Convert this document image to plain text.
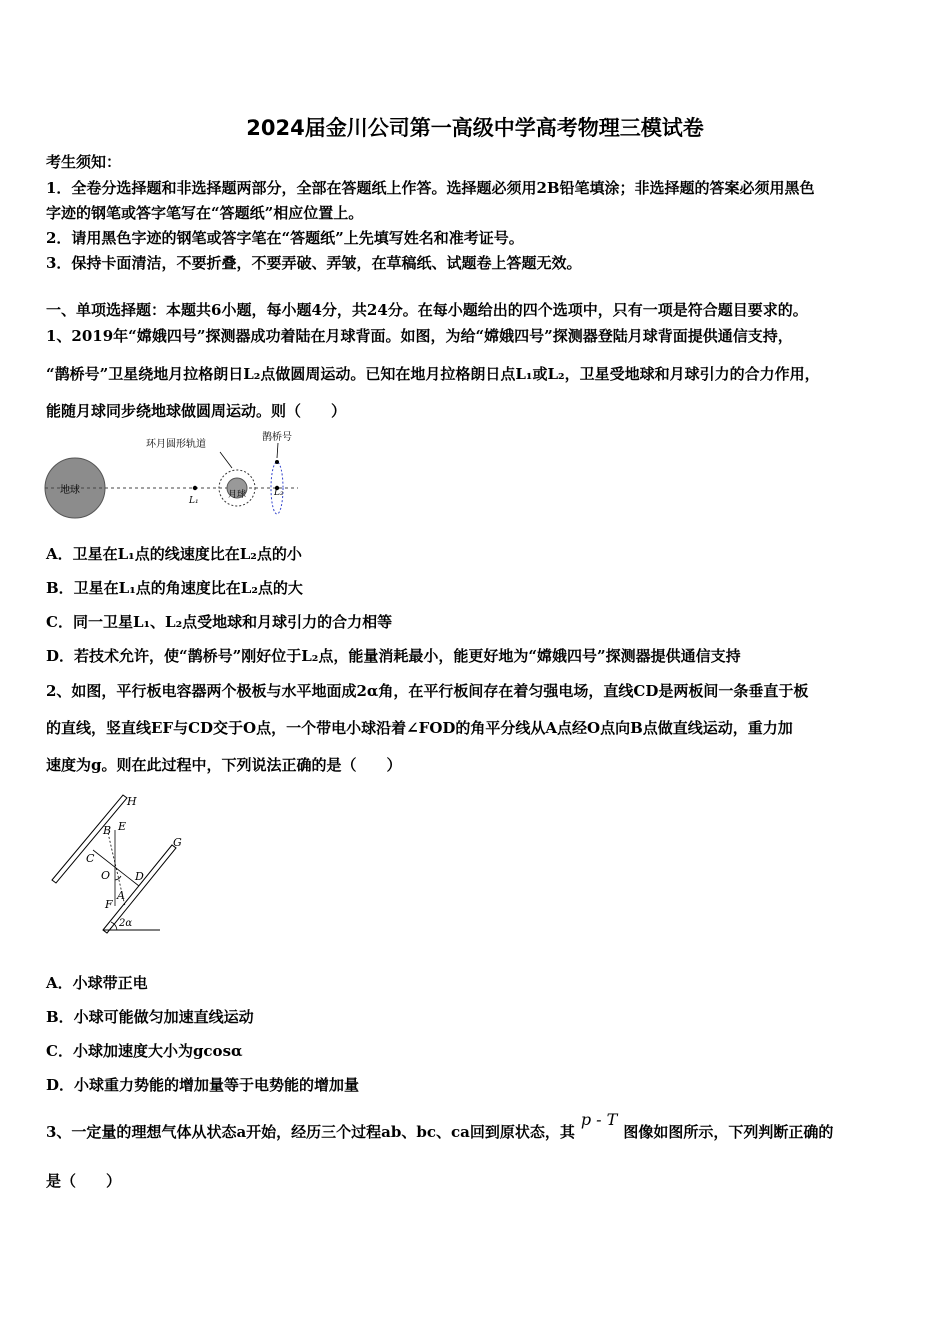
2024届金川公司第一高级中学高考物理三模试卷
考生须知：
1．全卷分选择题和非选择题两部分，全部在答题纸上作答。选择题必须用2B铅笔填涂；非选择题的答案必须用黑色
字迹的钢笔或答字笔写在“答题纸”相应位置上。
2．请用黑色字迹的钢笔或答字笔在“答题纸”上先填写姓名和准考证号。
3．保持卡面清洁，不要折叠，不要弄破、弄皱，在草稿纸、试题卷上答题无效。
一、单项选择题：本题共6小题，每小题4分，共24分。在每小题给出的四个选项中，只有一项是符合题目要求的。
1、2019年“嫦娥四号”探测器成功着陆在月球背面。如图，为给“嫦娥四号”探测器登陆月球背面提供通信支持，
“鹊桥号”卫星绕地月拉格朗日L₂点做圆周运动。已知在地月拉格朗日点L₁或L₂，卫星受地球和月球引力的合力作用，
能随月球同步绕地球做圆周运动。则（　　）
地球	月球
环月圆形轨道
鹊桥号
L₁
L₂
A．卫星在L₁点的线速度比在L₂点的小
B．卫星在L₁点的角速度比在L₂点的大
C．同一卫星L₁、L₂点受地球和月球引力的合力相等
D．若技术允许，使“鹊桥号”刚好位于L₂点，能量消耗最小，能更好地为“嫦娥四号”探测器提供通信支持
2、如图，平行板电容器两个极板与水平地面成2α角，在平行板间存在着匀强电场，直线CD是两板间一条垂直于板
的直线，竖直线EF与CD交于O点，一个带电小球沿着∠FOD的角平分线从A点经O点向B点做直线运动，重力加
速度为g。则在此过程中，下列说法正确的是（　　）
H
B E
C
O D
A
F
G
2α
A．小球带正电
B．小球可能做匀加速直线运动
C．小球加速度大小为gcosα
D．小球重力势能的增加量等于电势能的增加量
3、一定量的理想气体从状态a开始，经历三个过程ab、bc、ca回到原状态，其p - T图像如图所示，下列判断正确的
是（　　）
